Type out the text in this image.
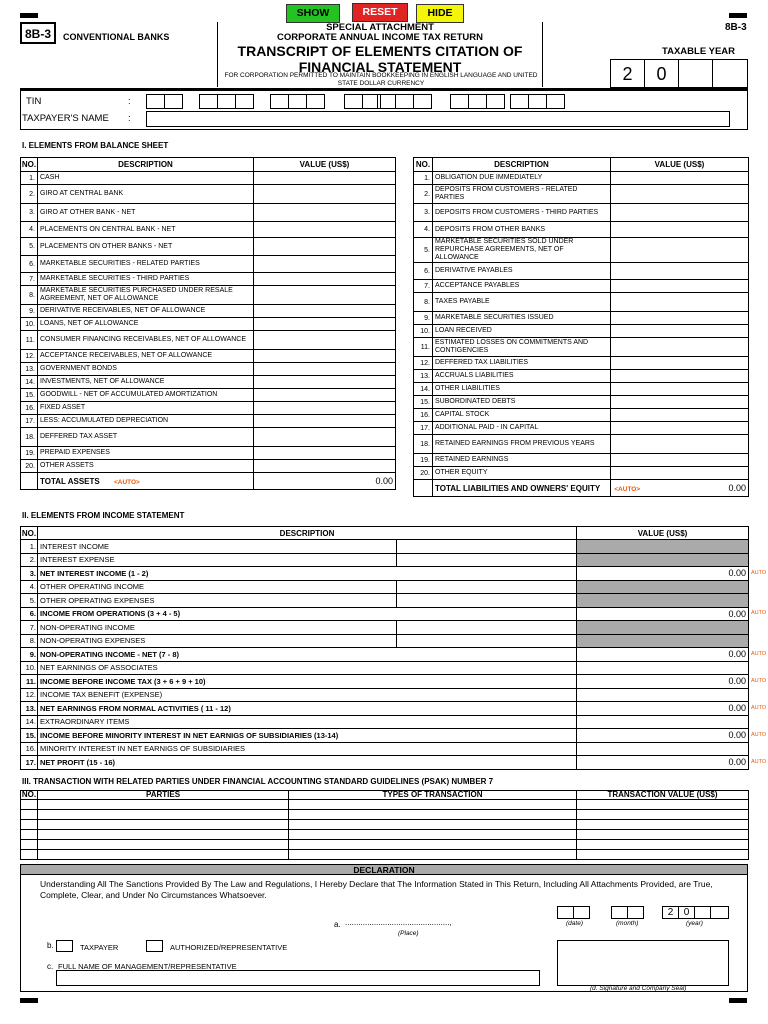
SHOW	RESET	HIDE
8B-3	CONVENTIONAL BANKS
SPECIAL ATTACHMENT
CORPORATE ANNUAL INCOME TAX RETURN
TRANSCRIPT OF ELEMENTS CITATION OF
FINANCIAL STATEMENT
FOR CORPORATION PERMITTED TO MAINTAIN BOOKKEEPING IN ENGLISH LANGUAGE AND UNITED STATE DOLLAR CURRENCY
8B-3
TAXABLE YEAR
2	0
TIN	:
TAXPAYER'S NAME :
I. ELEMENTS FROM BALANCE SHEET
NO.	DESCRIPTION	VALUE (US$)
1.	CASH	
2.	GIRO AT CENTRAL BANK	
3.	GIRO AT OTHER BANK - NET	
4.	PLACEMENTS ON CENTRAL BANK - NET	
5.	PLACEMENTS ON OTHER BANKS - NET	
6.	MARKETABLE SECURITIES - RELATED PARTIES	
7.	MARKETABLE SECURITIES - THIRD PARTIES	
8.	MARKETABLE SECURITIES PURCHASED UNDER RESALE AGREEMENT, NET OF ALLOWANCE	
9.	DERIVATIVE RECEIVABLES, NET OF ALLOWANCE	
10.	LOANS, NET OF ALLOWANCE	
11.	CONSUMER FINANCING RECEIVABLES, NET OF ALLOWANCE	
12.	ACCEPTANCE RECEIVABLES, NET OF ALLOWANCE	
13.	GOVERNMENT BONDS	
14.	INVESTMENTS, NET OF ALLOWANCE	
15.	GOODWILL - NET OF ACCUMULATED AMORTIZATION	
16.	FIXED ASSET	
17.	LESS: ACCUMULATED DEPRECIATION	
18.	DEFFERED TAX ASSET	
19.	PREPAID EXPENSES	
20.	OTHER ASSETS	
	TOTAL ASSETS <AUTO>	0.00
NO.	DESCRIPTION	VALUE (US$)
1.	OBLIGATION DUE IMMEDIATELY	
2.	DEPOSITS FROM CUSTOMERS - RELATED PARTIES	
3.	DEPOSITS FROM CUSTOMERS - THIRD PARTIES	
4.	DEPOSITS FROM OTHER BANKS	
5.	MARKETABLE SECURITIES SOLD UNDER REPURCHASE AGREEMENTS, NET OF ALLOWANCE	
6.	DERIVATIVE PAYABLES	
7.	ACCEPTANCE PAYABLES	
8.	TAXES PAYABLE	
9.	MARKETABLE SECURITIES ISSUED	
10.	LOAN RECEIVED	
11.	ESTIMATED LOSSES ON COMMITMENTS AND CONTIGENCIES	
12.	DEFFERED TAX LIABILITIES	
13.	ACCRUALS LIABILITIES	
14.	OTHER LIABILITIES	
15.	SUBORDINATED DEBTS	
16.	CAPITAL STOCK	
17.	ADDITIONAL PAID - IN CAPITAL	
18.	RETAINED EARNINGS FROM PREVIOUS YEARS	
19.	RETAINED EARNINGS	
20.	OTHER EQUITY	
	TOTAL LIABILITIES AND OWNERS' EQUITY <AUTO>	0.00
II. ELEMENTS FROM INCOME STATEMENT
NO.	DESCRIPTION		VALUE (US$)
1.	INTEREST INCOME		
2.	INTEREST EXPENSE		
3.	NET INTEREST INCOME (1 - 2)		0.00
4.	OTHER OPERATING INCOME		
5.	OTHER OPERATING EXPENSES		
6.	INCOME FROM OPERATIONS (3 + 4 - 5)		0.00
7.	NON-OPERATING INCOME		
8.	NON-OPERATING EXPENSES		
9.	NON-OPERATING INCOME - NET (7 - 8)		0.00
10.	NET EARNINGS OF ASSOCIATES		
11.	INCOME BEFORE INCOME TAX (3 + 6 + 9 + 10)		0.00
12.	INCOME TAX BENEFIT (EXPENSE)		
13.	NET EARNINGS FROM NORMAL ACTIVITIES ( 11 - 12)		0.00
14.	EXTRAORDINARY ITEMS		
15.	INCOME BEFORE MINORITY INTEREST IN NET EARNIGS OF SUBSIDIARIES (13-14)		0.00
16.	MINORITY INTEREST IN NET EARNIGS OF SUBSIDIARIES		
17.	NET PROFIT (15 - 16)		0.00
AUTO
AUTO
AUTO
AUTO
AUTO
AUTO
AUTO
III. TRANSACTION WITH RELATED PARTIES UNDER FINANCIAL ACCOUNTING STANDARD GUIDELINES (PSAK) NUMBER 7
NO.	PARTIES	TYPES OF TRANSACTION	TRANSACTION VALUE (US$)

DECLARATION
Understanding All The Sanctions Provided By The Law and Regulations, I Hereby Declare that The Information Stated in This Return, Including All Attachments Provided, are True, Complete, Clear, and Under No Circumstances Whatsoever.
a. ...............................................,
(Place)
(date)	(month)
2	0
(year)
b.	TAXPAYER	AUTHORIZED/REPRESENTATIVE
c. FULL NAME OF MANAGEMENT/REPRESENTATIVE
(d. Signature and Company Seal)
